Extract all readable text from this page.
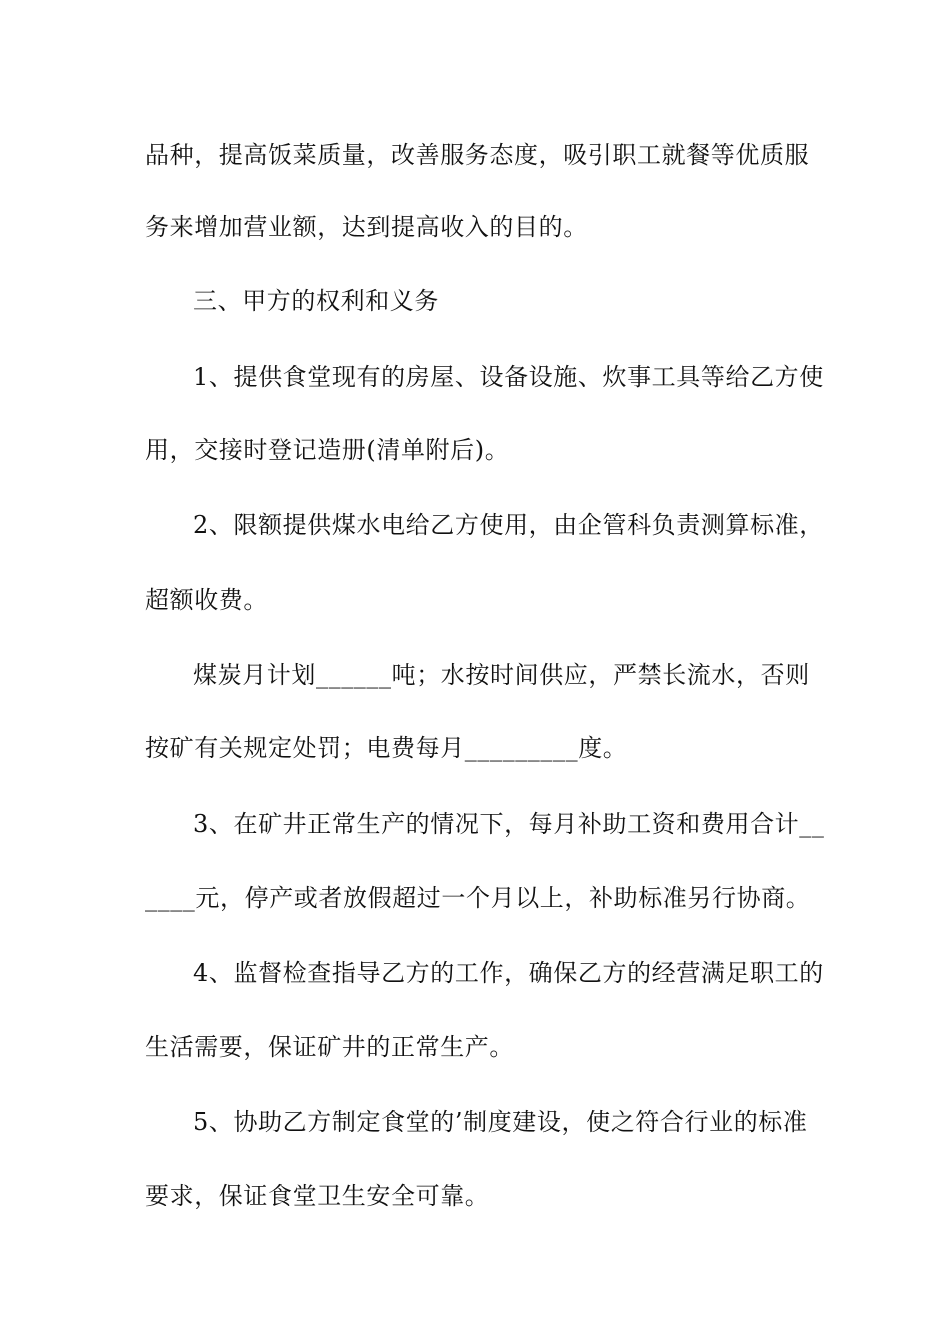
品种，提高饭菜质量，改善服务态度，吸引职工就餐等优质服
务来增加营业额，达到提高收入的目的。
三、甲方的权利和义务
1、提供食堂现有的房屋、设备设施、炊事工具等给乙方使
用，交接时登记造册(清单附后)。
2、限额提供煤水电给乙方使用，由企管科负责测算标准，
超额收费。
煤炭月计划______吨；水按时间供应，严禁长流水，否则
按矿有关规定处罚；电费每月_________度。
3、在矿井正常生产的情况下，每月补助工资和费用合计__
____元，停产或者放假超过一个月以上，补助标准另行协商。
4、监督检查指导乙方的工作，确保乙方的经营满足职工的
生活需要，保证矿井的正常生产。
5、协助乙方制定食堂的’制度建设，使之符合行业的标准
要求，保证食堂卫生安全可靠。
